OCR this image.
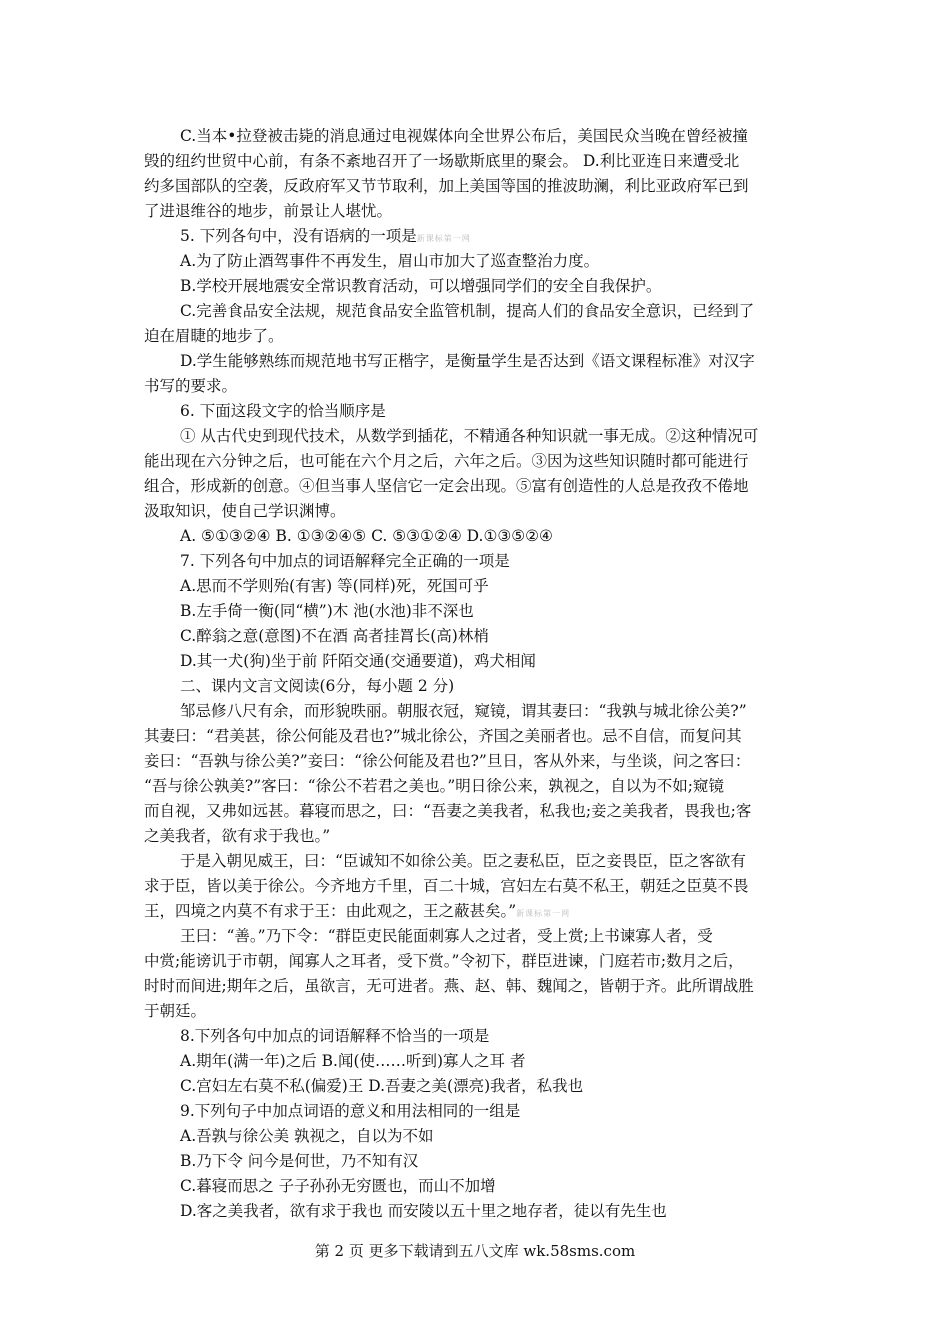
C.当本•拉登被击毙的消息通过电视媒体向全世界公布后，美国民众当晚在曾经被撞
毁的纽约世贸中心前，有条不紊地召开了一场歇斯底里的聚会。 D.利比亚连日来遭受北
约多国部队的空袭，反政府军又节节取利，加上美国等国的推波助澜，利比亚政府军已到
了进退维谷的地步，前景让人堪忧。
5. 下列各句中，没有语病的一项是新课标第一网
A.为了防止酒驾事件不再发生，眉山市加大了巡查整治力度。
B.学校开展地震安全常识教育活动，可以增强同学们的安全自我保护。
C.完善食品安全法规，规范食品安全监管机制，提高人们的食品安全意识，已经到了
迫在眉睫的地步了。
D.学生能够熟练而规范地书写正楷字，是衡量学生是否达到《语文课程标准》对汉字
书写的要求。
6. 下面这段文字的恰当顺序是
① 从古代史到现代技术，从数学到插花，不精通各种知识就一事无成。②这种情况可
能出现在六分钟之后，也可能在六个月之后，六年之后。③因为这些知识随时都可能进行
组合，形成新的创意。④但当事人坚信它一定会出现。⑤富有创造性的人总是孜孜不倦地
汲取知识，使自己学识渊博。
A. ⑤①③②④ B. ①③②④⑤ C. ⑤③①②④ D.①③⑤②④
7. 下列各句中加点的词语解释完全正确的一项是
A.思而不学则殆(有害) 等(同样)死，死国可乎
B.左手倚一衡(同“横”)木 池(水池)非不深也
C.醉翁之意(意图)不在酒 高者挂罥长(高)林梢
D.其一犬(狗)坐于前 阡陌交通(交通要道)，鸡犬相闻
二、课内文言文阅读(6分，每小题 2 分)
邹忌修八尺有余，而形貌昳丽。朝服衣冠，窥镜，谓其妻曰：“我孰与城北徐公美?”
其妻曰：“君美甚，徐公何能及君也?”城北徐公，齐国之美丽者也。忌不自信，而复问其
妾曰：“吾孰与徐公美?”妾曰：“徐公何能及君也?”旦日，客从外来，与坐谈，问之客曰：
“吾与徐公孰美?”客曰：“徐公不若君之美也。”明日徐公来，孰视之，自以为不如;窥镜
而自视，又弗如远甚。暮寝而思之，曰：“吾妻之美我者，私我也;妾之美我者，畏我也;客
之美我者，欲有求于我也。”
于是入朝见威王，曰：“臣诚知不如徐公美。臣之妻私臣，臣之妾畏臣，臣之客欲有
求于臣，皆以美于徐公。今齐地方千里，百二十城，宫妇左右莫不私王，朝廷之臣莫不畏
王，四境之内莫不有求于王：由此观之，王之蔽甚矣。”新课标第一网
王曰：“善。”乃下令：“群臣吏民能面刺寡人之过者，受上赏;上书谏寡人者，受
中赏;能谤讥于市朝，闻寡人之耳者，受下赏。”令初下，群臣进谏，门庭若市;数月之后，
时时而间进;期年之后，虽欲言，无可进者。燕、赵、韩、魏闻之，皆朝于齐。此所谓战胜
于朝廷。
8.下列各句中加点的词语解释不恰当的一项是
A.期年(满一年)之后 B.闻(使……听到)寡人之耳 者
C.宫妇左右莫不私(偏爱)王 D.吾妻之美(漂亮)我者，私我也
9.下列句子中加点词语的意义和用法相同的一组是
A.吾孰与徐公美 孰视之，自以为不如
B.乃下令 问今是何世，乃不知有汉
C.暮寝而思之 子子孙孙无穷匮也，而山不加增
D.客之美我者，欲有求于我也 而安陵以五十里之地存者，徒以有先生也
第 2 页 更多下载请到五八文库 wk.58sms.com
